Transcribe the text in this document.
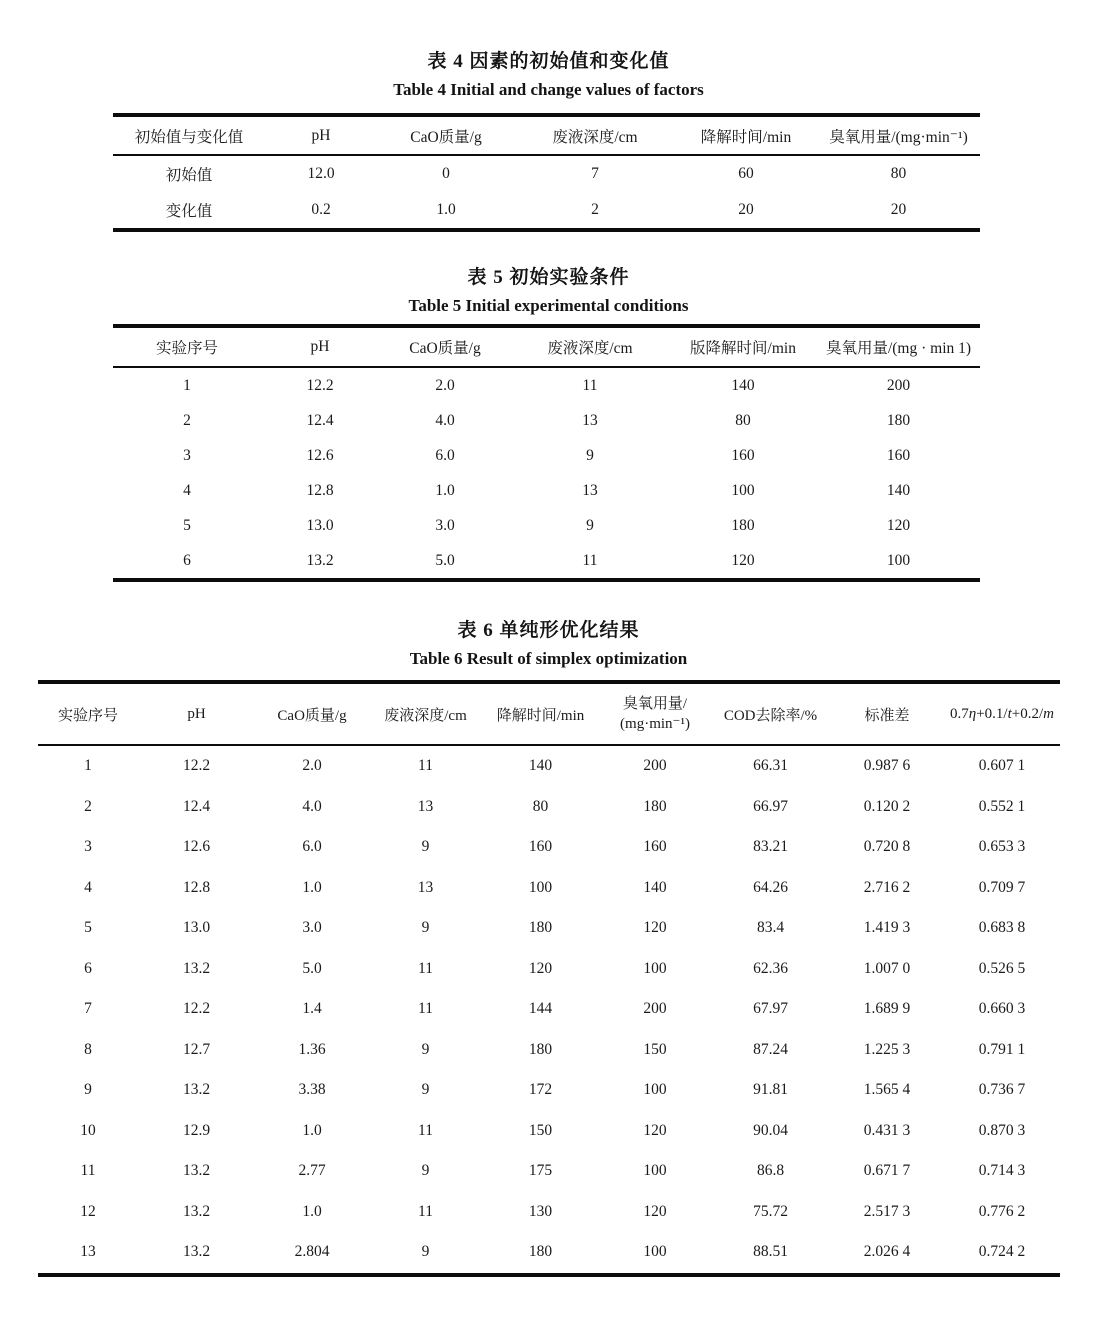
表 4 因素的初始值和变化值
Table 4 Initial and change values of factors
初始值与变化值	pH	CaO质量/g	废液深度/cm	降解时间/min	臭氧用量/(mg·min⁻¹)
初始值	12.0	0	7	60	80
变化值	0.2	1.0	2	20	20
表 5 初始实验条件
Table 5 Initial experimental conditions
实验序号	pH	CaO质量/g	废液深度/cm	版降解时间/min	臭氧用量/(mg · min 1)
1	12.2	2.0	11	140	200
2	12.4	4.0	13	80	180
3	12.6	6.0	9	160	160
4	12.8	1.0	13	100	140
5	13.0	3.0	9	180	120
6	13.2	5.0	11	120	100
表 6 单纯形优化结果
Table 6 Result of simplex optimization
实验序号	pH	CaO质量/g	废液深度/cm	降解时间/min	臭氧用量/
(mg·min⁻¹)	COD去除率/%	标准差	0.7η+0.1/t+0.2/m
1	12.2	2.0	11	140	200	66.31	0.987 6	0.607 1
2	12.4	4.0	13	80	180	66.97	0.120 2	0.552 1
3	12.6	6.0	9	160	160	83.21	0.720 8	0.653 3
4	12.8	1.0	13	100	140	64.26	2.716 2	0.709 7
5	13.0	3.0	9	180	120	83.4	1.419 3	0.683 8
6	13.2	5.0	11	120	100	62.36	1.007 0	0.526 5
7	12.2	1.4	11	144	200	67.97	1.689 9	0.660 3
8	12.7	1.36	9	180	150	87.24	1.225 3	0.791 1
9	13.2	3.38	9	172	100	91.81	1.565 4	0.736 7
10	12.9	1.0	11	150	120	90.04	0.431 3	0.870 3
11	13.2	2.77	9	175	100	86.8	0.671 7	0.714 3
12	13.2	1.0	11	130	120	75.72	2.517 3	0.776 2
13	13.2	2.804	9	180	100	88.51	2.026 4	0.724 2
